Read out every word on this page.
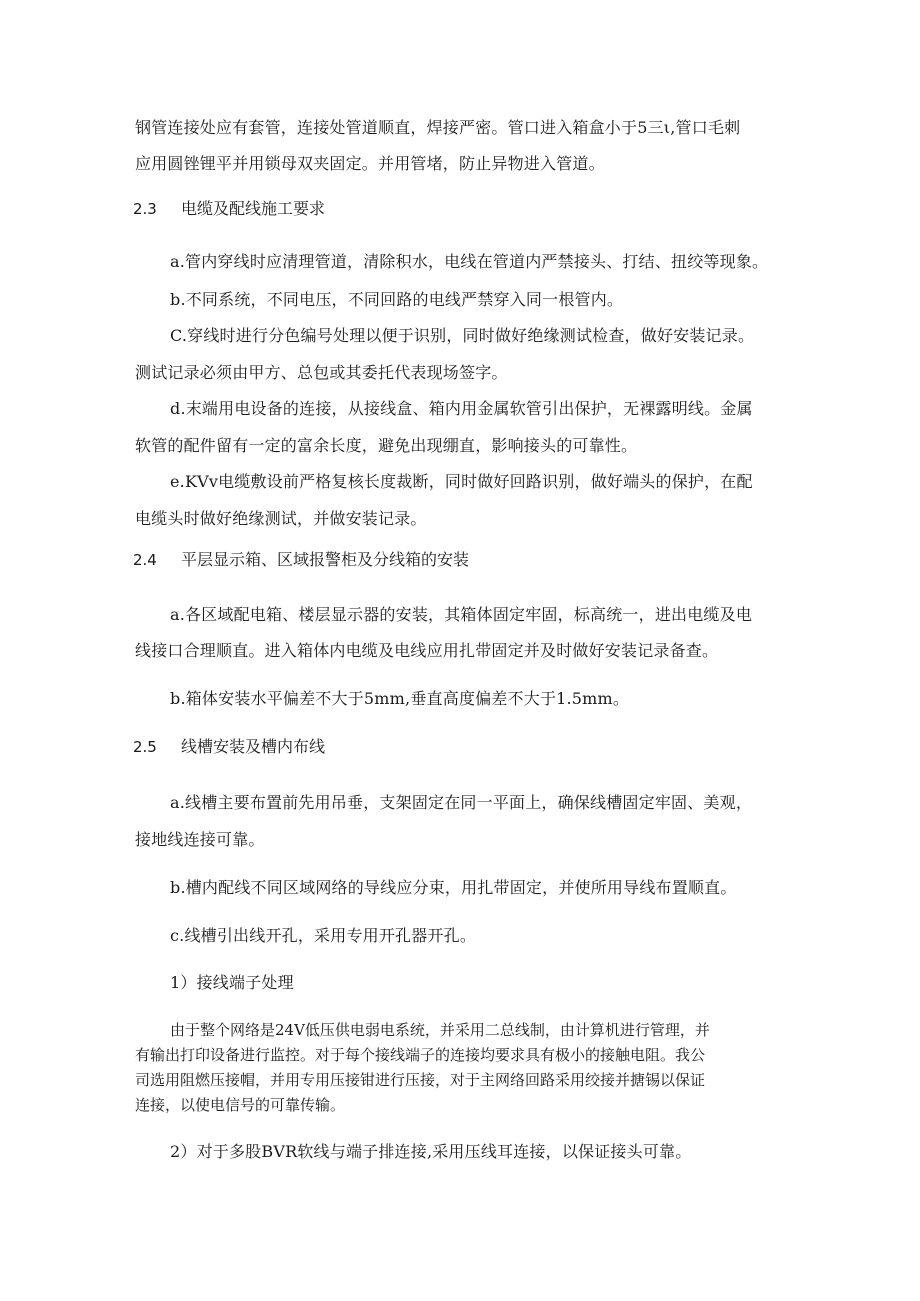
钢管连接处应有套管，连接处管道顺直，焊接严密。管口进入箱盒小于5三ι,管口毛刺
应用圆锉锂平并用锁母双夹固定。并用管堵，防止异物进入管道。
2.3 电缆及配线施工要求
a.管内穿线时应清理管道，清除积水，电线在管道内严禁接头、打结、扭绞等现象。
b.不同系统，不同电压，不同回路的电线严禁穿入同一根管内。
C.穿线时进行分色编号处理以便于识别，同时做好绝缘测试检查，做好安装记录。
测试记录必须由甲方、总包或其委托代表现场签字。
d.末端用电设备的连接，从接线盒、箱内用金属软管引出保护，无裸露明线。金属
软管的配件留有一定的富余长度，避免出现绷直，影响接头的可靠性。
e.KVv电缆敷设前严格复核长度裁断，同时做好回路识别，做好端头的保护，在配
电缆头时做好绝缘测试，并做安装记录。
2.4 平层显示箱、区域报警柜及分线箱的安装
a.各区域配电箱、楼层显示器的安装，其箱体固定牢固，标高统一，进出电缆及电
线接口合理顺直。进入箱体内电缆及电线应用扎带固定并及时做好安装记录备查。
b.箱体安装水平偏差不大于5mm,垂直高度偏差不大于1.5mm。
2.5 线槽安装及槽内布线
a.线槽主要布置前先用吊垂，支架固定在同一平面上，确保线槽固定牢固、美观，
接地线连接可靠。
b.槽内配线不同区域网络的导线应分束，用扎带固定，并使所用导线布置顺直。
c.线槽引出线开孔，采用专用开孔器开孔。
1）接线端子处理
由于整个网络是24V低压供电弱电系统，并采用二总线制，由计算机进行管理，并
有输出打印设备进行监控。对于每个接线端子的连接均要求具有极小的接触电阻。我公
司选用阻燃压接帽，并用专用压接钳进行压接，对于主网络回路采用绞接并搪锡以保证
连接，以使电信号的可靠传输。
2）对于多股BVR软线与端子排连接,采用压线耳连接，以保证接头可靠。
